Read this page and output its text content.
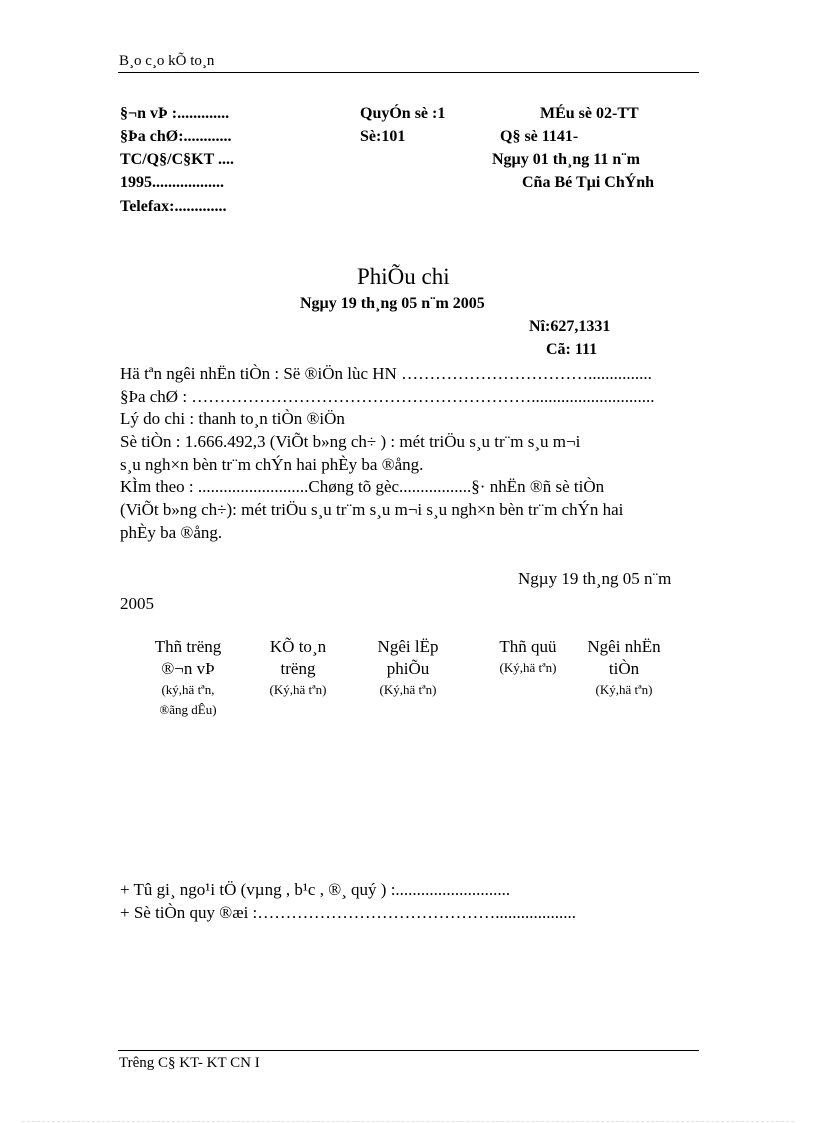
B¸o c¸o kÕ to¸n
§¬n vÞ :.............
§Þa chØ:............
TC/Q§/C§KT ....
1995..................
Telefax:.............
QuyÓn sè :1
Sè:101
MÉu sè 02-TT
Q§ sè 1141-
Ngµy 01 th¸ng 11 n¨m
Cña Bé Tµi ChÝnh
PhiÕu chi
Ngµy 19 th¸ng 05 n¨m 2005
Nî:627,1331
Cã: 111
Hä tªn ngêi nhËn tiÒn : Së ®iÖn lùc HN ……………………………...............
§Þa chØ : …………………………………………………….............................
Lý do chi : thanh to¸n tiÒn ®iÖn
Sè tiÒn : 1.666.492,3 (ViÕt b»ng ch÷ ) : mét triÖu s¸u tr¨m s¸u m¬i
s¸u ngh×n bèn tr¨m chÝn hai phÈy ba ®ång.
KÌm theo : ..........................Chøng tõ gèc.................§· nhËn ®ñ sè tiÒn
(ViÕt b»ng ch÷): mét triÖu s¸u tr¨m s¸u m¬i s¸u ngh×n bèn tr¨m chÝn hai
phÈy ba ®ång.
Ngµy 19 th¸ng 05 n¨m
2005
Thñ trëng
®¬n vÞ
(ký,hä tªn,
®ãng dÊu)
KÕ to¸n
trëng
(Ký,hä tªn)
Ngêi lËp
phiÕu
(Ký,hä tªn)
Thñ quü
(Ký,hä tªn)
Ngêi nhËn
tiÒn
(Ký,hä tªn)
+ Tû gi¸ ngo¹i tÖ (vµng , b¹c , ®¸ quý ) :...........................
+ Sè tiÒn quy ®æi :……………………………………...................
Trêng C§ KT- KT CN I
